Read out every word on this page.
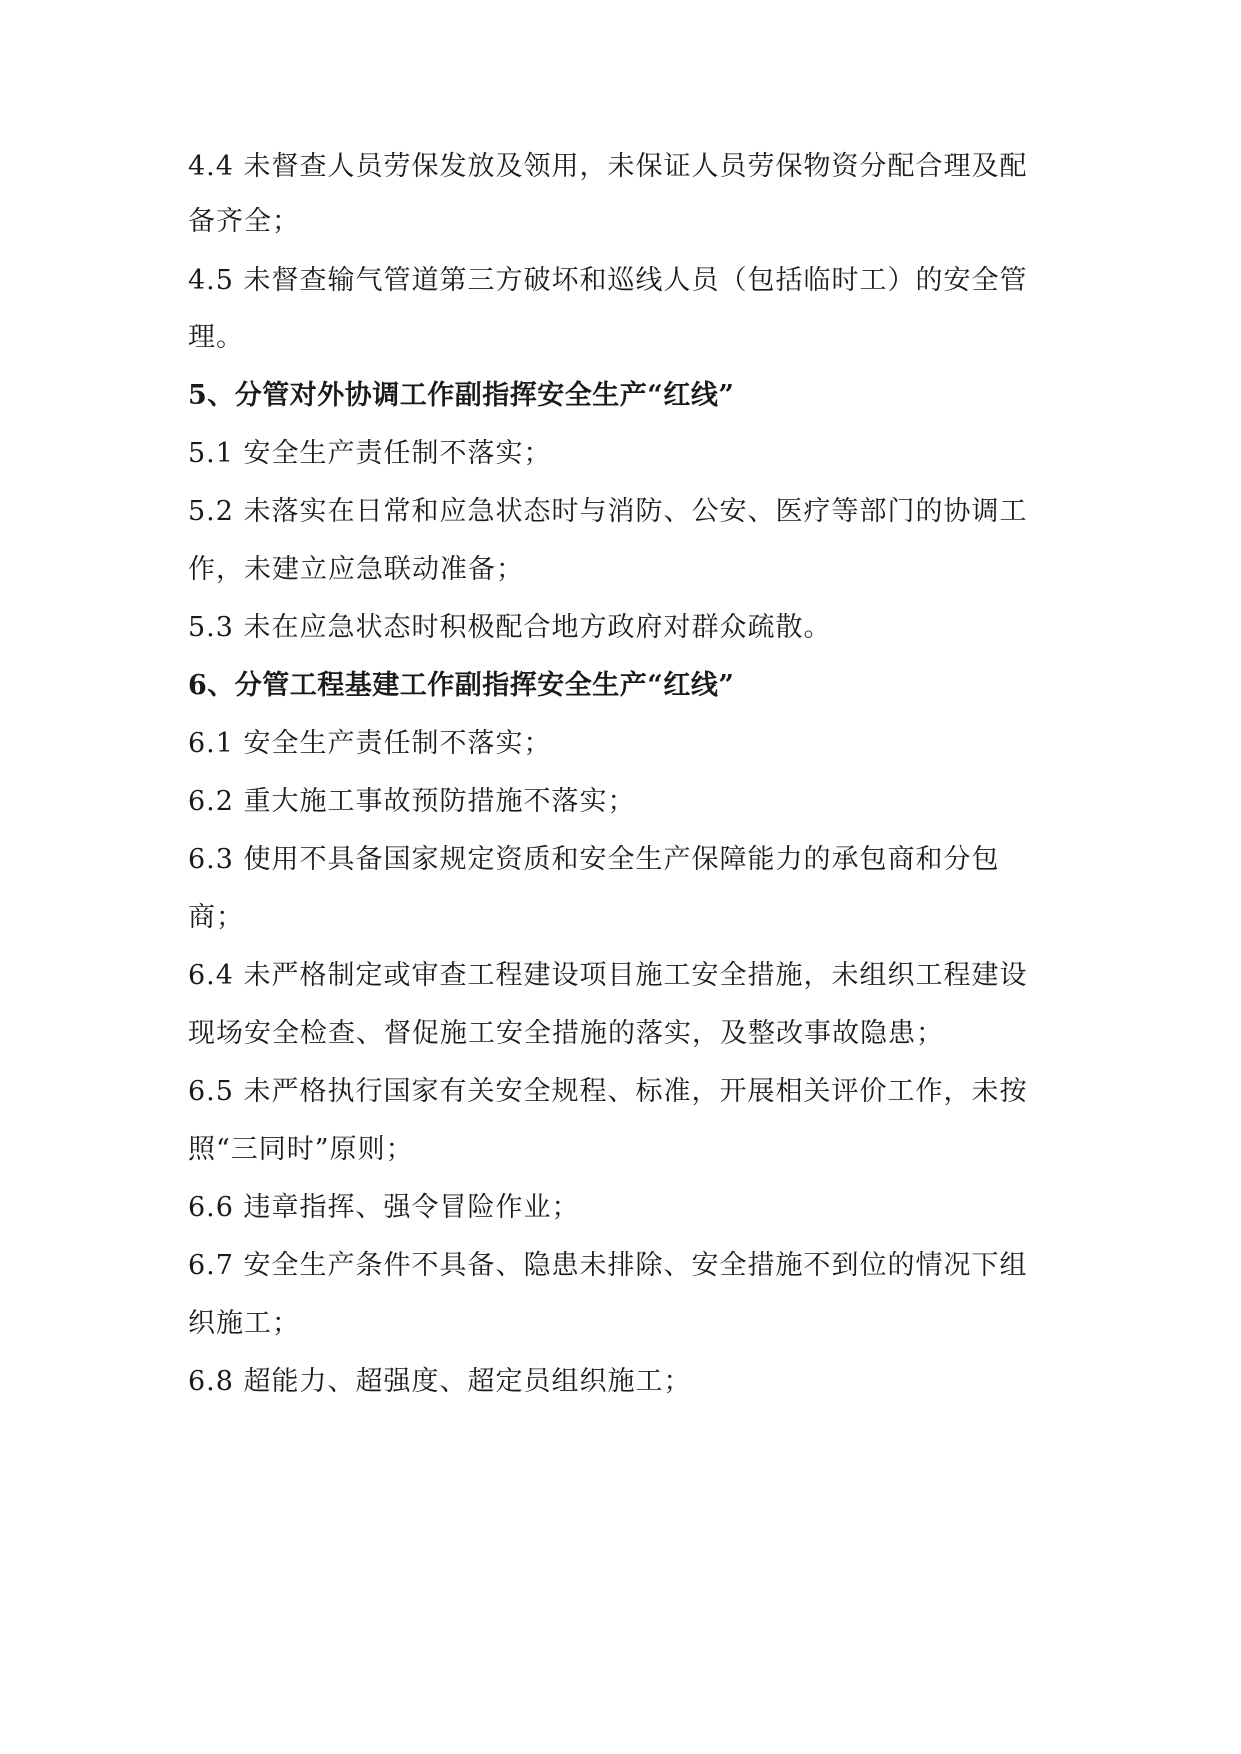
4.4 未督查人员劳保发放及领用，未保证人员劳保物资分配合理及配

备齐全；

4.5 未督查输气管道第三方破坏和巡线人员（包括临时工）的安全管

理。

5、分管对外协调工作副指挥安全生产“红线”

5.1 安全生产责任制不落实；

5.2 未落实在日常和应急状态时与消防、公安、医疗等部门的协调工

作，未建立应急联动准备；

5.3 未在应急状态时积极配合地方政府对群众疏散。

6、分管工程基建工作副指挥安全生产“红线”

6.1 安全生产责任制不落实；

6.2 重大施工事故预防措施不落实；

6.3 使用不具备国家规定资质和安全生产保障能力的承包商和分包

商；

6.4 未严格制定或审查工程建设项目施工安全措施，未组织工程建设

现场安全检查、督促施工安全措施的落实，及整改事故隐患；

6.5 未严格执行国家有关安全规程、标准，开展相关评价工作，未按

照“三同时”原则；

6.6 违章指挥、强令冒险作业；

6.7 安全生产条件不具备、隐患未排除、安全措施不到位的情况下组

织施工；

6.8 超能力、超强度、超定员组织施工；
